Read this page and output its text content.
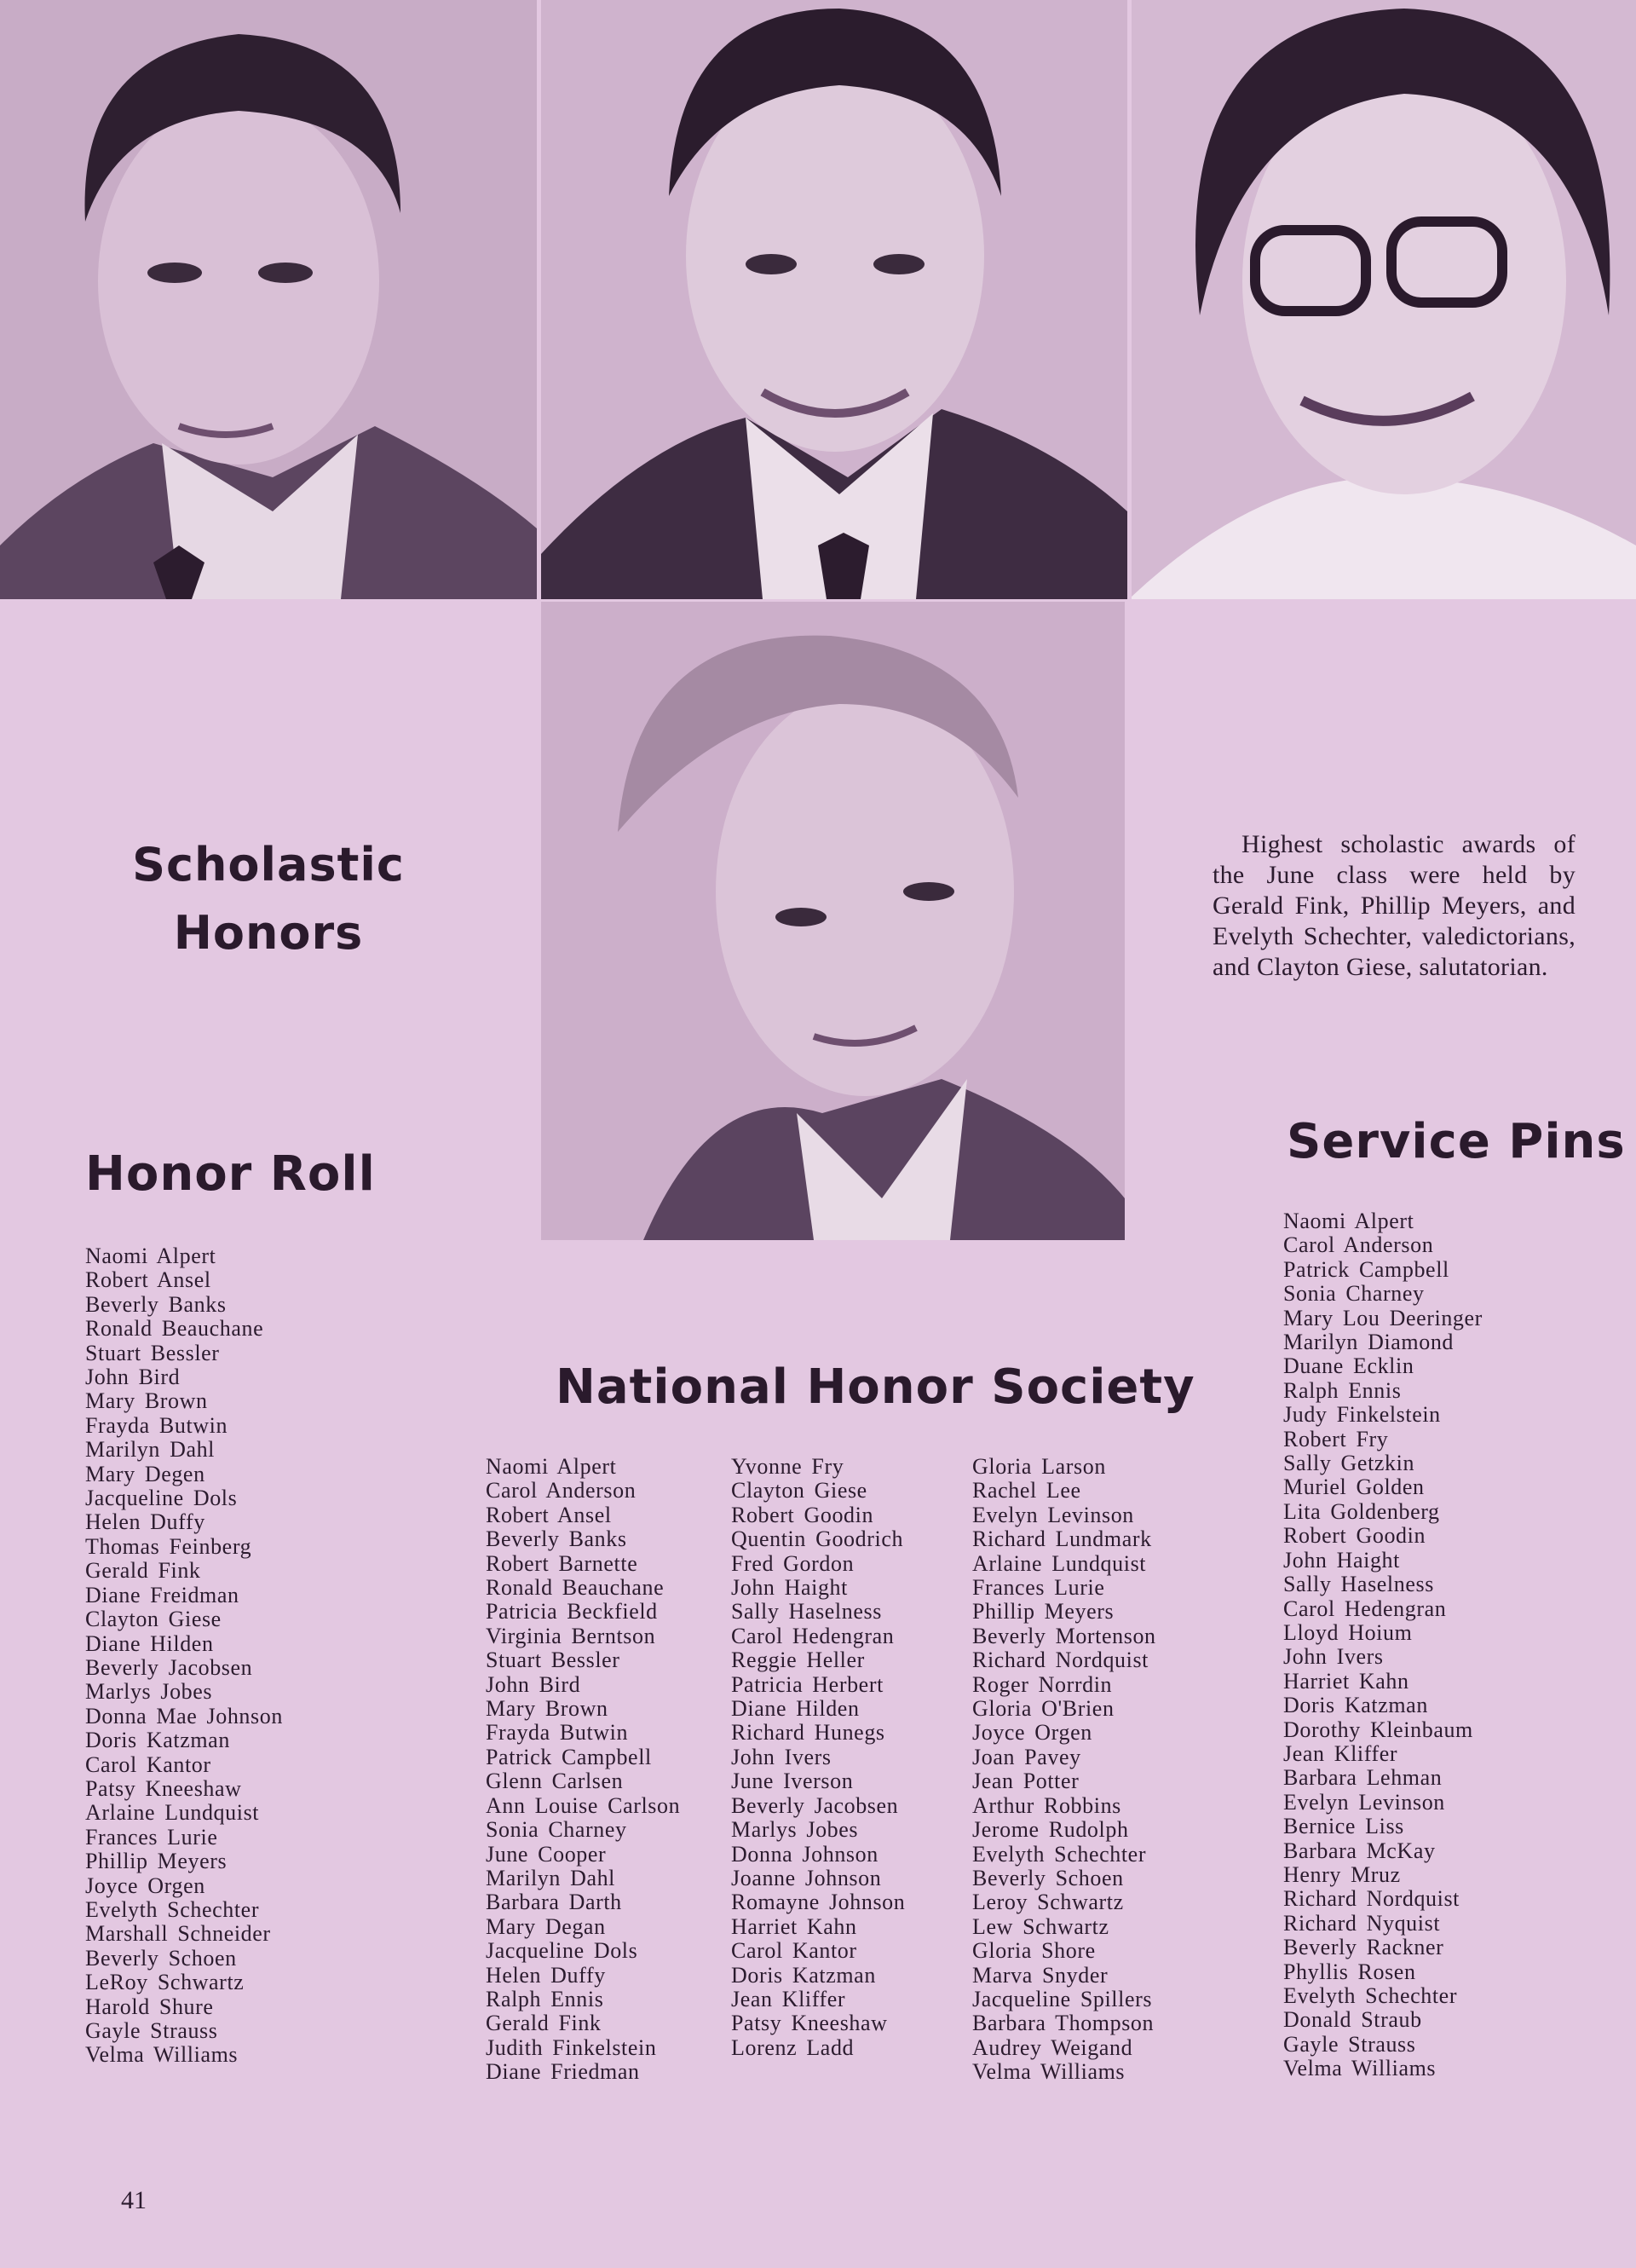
Scholastic
Honors
Honor Roll
National Honor Society
Service Pins

Highest scholastic awards of the June class were held by Gerald Fink, Phillip Meyers, and Evelyth Schechter, valedictorians, and Clayton Giese, salutatorian.

Naomi Alpert
Robert Ansel
Beverly Banks
Ronald Beauchane
Stuart Bessler
John Bird
Mary Brown
Frayda Butwin
Marilyn Dahl
Mary Degen
Jacqueline Dols
Helen Duffy
Thomas Feinberg
Gerald Fink
Diane Freidman
Clayton Giese
Diane Hilden
Beverly Jacobsen
Marlys Jobes
Donna Mae Johnson
Doris Katzman
Carol Kantor
Patsy Kneeshaw
Arlaine Lundquist
Frances Lurie
Phillip Meyers
Joyce Orgen
Evelyth Schechter
Marshall Schneider
Beverly Schoen
LeRoy Schwartz
Harold Shure
Gayle Strauss
Velma Williams
Naomi Alpert
Carol Anderson
Robert Ansel
Beverly Banks
Robert Barnette
Ronald Beauchane
Patricia Beckfield
Virginia Berntson
Stuart Bessler
John Bird
Mary Brown
Frayda Butwin
Patrick Campbell
Glenn Carlsen
Ann Louise Carlson
Sonia Charney
June Cooper
Marilyn Dahl
Barbara Darth
Mary Degan
Jacqueline Dols
Helen Duffy
Ralph Ennis
Gerald Fink
Judith Finkelstein
Diane Friedman
Yvonne Fry
Clayton Giese
Robert Goodin
Quentin Goodrich
Fred Gordon
John Haight
Sally Haselness
Carol Hedengran
Reggie Heller
Patricia Herbert
Diane Hilden
Richard Hunegs
John Ivers
June Iverson
Beverly Jacobsen
Marlys Jobes
Donna Johnson
Joanne Johnson
Romayne Johnson
Harriet Kahn
Carol Kantor
Doris Katzman
Jean Kliffer
Patsy Kneeshaw
Lorenz Ladd
Gloria Larson
Rachel Lee
Evelyn Levinson
Richard Lundmark
Arlaine Lundquist
Frances Lurie
Phillip Meyers
Beverly Mortenson
Richard Nordquist
Roger Norrdin
Gloria O'Brien
Joyce Orgen
Joan Pavey
Jean Potter
Arthur Robbins
Jerome Rudolph
Evelyth Schechter
Beverly Schoen
Leroy Schwartz
Lew Schwartz
Gloria Shore
Marva Snyder
Jacqueline Spillers
Barbara Thompson
Audrey Weigand
Velma Williams
Naomi Alpert
Carol Anderson
Patrick Campbell
Sonia Charney
Mary Lou Deeringer
Marilyn Diamond
Duane Ecklin
Ralph Ennis
Judy Finkelstein
Robert Fry
Sally Getzkin
Muriel Golden
Lita Goldenberg
Robert Goodin
John Haight
Sally Haselness
Carol Hedengran
Lloyd Hoium
John Ivers
Harriet Kahn
Doris Katzman
Dorothy Kleinbaum
Jean Kliffer
Barbara Lehman
Evelyn Levinson
Bernice Liss
Barbara McKay
Henry Mruz
Richard Nordquist
Richard Nyquist
Beverly Rackner
Phyllis Rosen
Evelyth Schechter
Donald Straub
Gayle Strauss
Velma Williams
41
